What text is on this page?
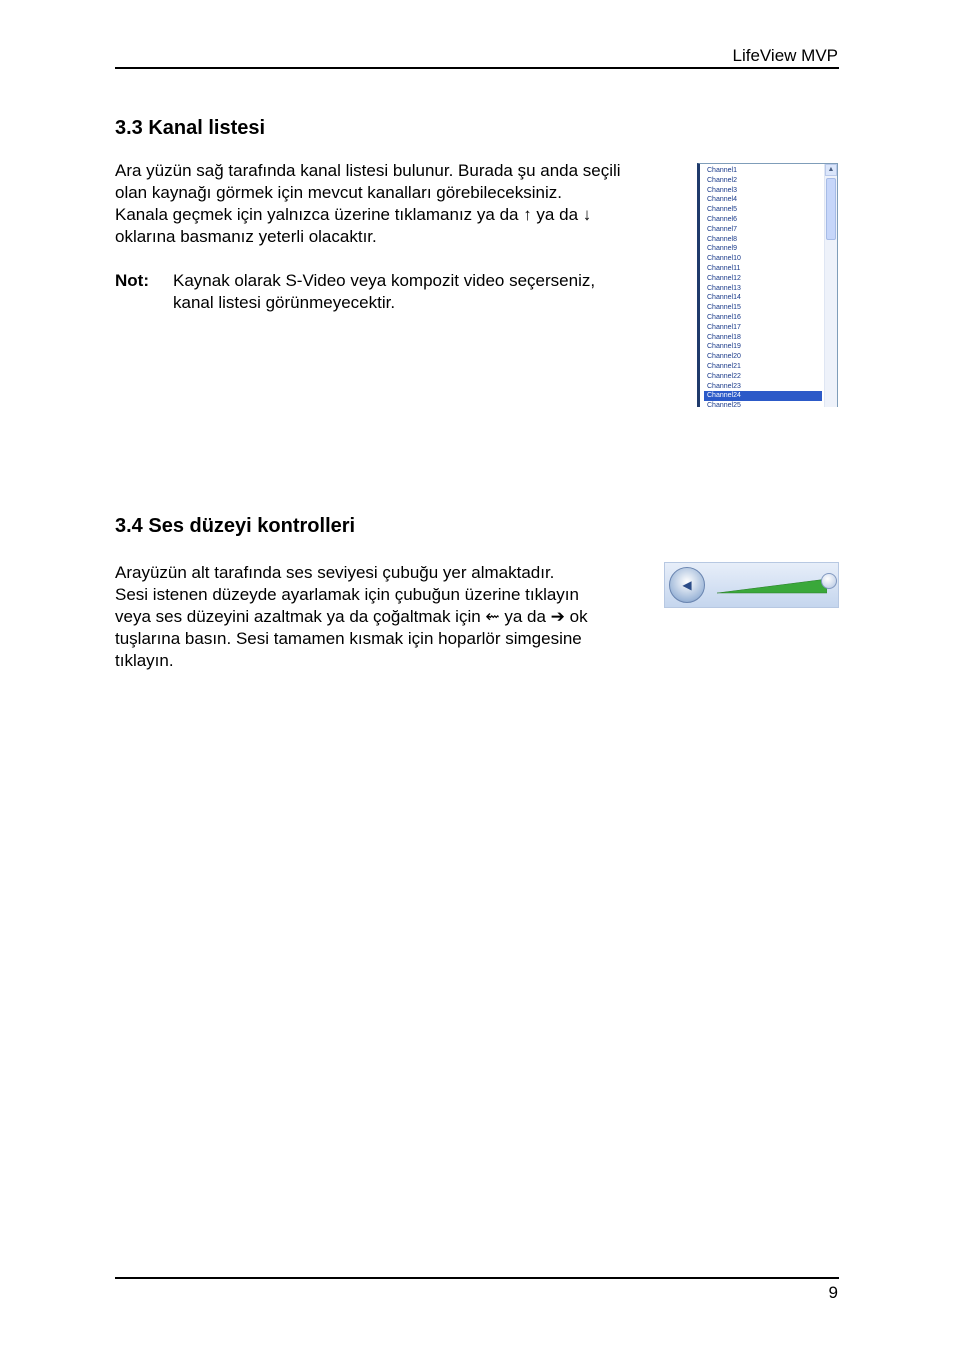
LifeView MVP
3.3 Kanal listesi
Ara yüzün sağ tarafında kanal listesi bulunur. Burada şu anda seçili
olan kaynağı görmek için mevcut kanalları görebileceksiniz.
Kanala geçmek için yalnızca üzerine tıklamanız ya da ↑ ya da ↓
oklarına basmanız yeterli olacaktır.
Not: Kaynak olarak S-Video veya kompozit video seçerseniz,
kanal listesi görünmeyecektir.
Channel1
Channel2
Channel3
Channel4
Channel5
Channel6
Channel7
Channel8
Channel9
Channel10
Channel11
Channel12
Channel13
Channel14
Channel15
Channel16
Channel17
Channel18
Channel19
Channel20
Channel21
Channel22
Channel23
Channel24
Channel25
▲
3.4 Ses düzeyi kontrolleri
Arayüzün alt tarafında ses seviyesi çubuğu yer almaktadır.
Sesi istenen düzeyde ayarlamak için çubuğun üzerine tıklayın
veya ses düzeyini azaltmak ya da çoğaltmak için ⇜ ya da ➔ ok
tuşlarına basın. Sesi tamamen kısmak için hoparlör simgesine
tıklayın.
◀
9
